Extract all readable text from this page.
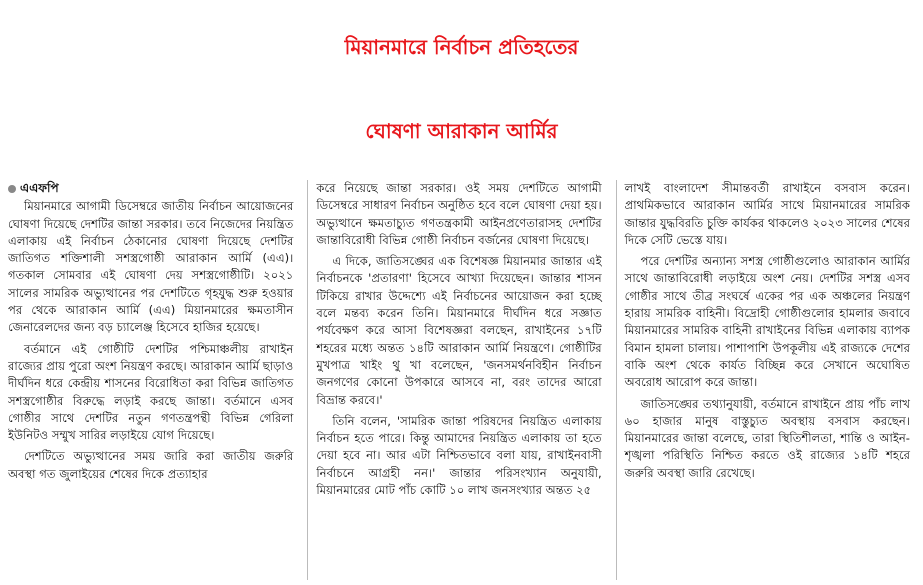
মিয়ানমারে নির্বাচন প্রতিহতের
ঘোষণা আরাকান আর্মির
এএফপি

মিয়ানমারে আগামী ডিসেম্বরে জাতীয় নির্বাচন আয়োজনের ঘোষণা দিয়েছে দেশটির জান্তা সরকার। তবে নিজেদের নিয়ন্ত্রিত এলাকায় এই নির্বাচন ঠেকানোর ঘোষণা দিয়েছে দেশটির জাতিগত শক্তিশালী সশস্ত্রগোষ্ঠী আরাকান আর্মি (এএ)। গতকাল সোমবার এই ঘোষণা দেয় সশস্ত্রগোষ্ঠীটি। ২০২১ সালের সামরিক অভ্যুত্থানের পর দেশটিতে গৃহযুদ্ধ শুরু হওয়ার পর থেকে আরাকান আর্মি (এএ) মিয়ানমারের ক্ষমতাসীন জেনারেলদের জন্য বড় চ্যালেঞ্জ হিসেবে হাজির হয়েছে।

বর্তমানে এই গোষ্ঠীটি দেশটির পশ্চিমাঞ্চলীয় রাখাইন রাজ্যের প্রায় পুরো অংশ নিয়ন্ত্রণ করছে। আরাকান আর্মি ছাড়াও দীর্ঘদিন ধরে কেন্দ্রীয় শাসনের বিরোধিতা করা বিভিন্ন জাতিগত সশস্ত্রগোষ্ঠীর বিরুদ্ধে লড়াই করছে জান্তা। বর্তমানে এসব গোষ্ঠীর সাথে দেশটির নতুন গণতন্ত্রপন্থী বিভিন্ন গেরিলা ইউনিটও সম্মুখ সারির লড়াইয়ে যোগ দিয়েছে।

দেশটিতে অভ্যুত্থানের সময় জারি করা জাতীয় জরুরি অবস্থা গত জুলাইয়ের শেষের দিকে প্রত্যাহার

করে নিয়েছে জান্তা সরকার। ওই সময় দেশটিতে আগামী ডিসেম্বরে সাধারণ নির্বাচন অনুষ্ঠিত হবে বলে ঘোষণা দেয়া হয়। অভ্যুত্থানে ক্ষমতাচ্যুত গণতন্ত্রকামী আইনপ্রণেতারাসহ দেশটির জান্তাবিরোধী বিভিন্ন গোষ্ঠী নির্বাচন বর্জনের ঘোষণা দিয়েছে।

এ দিকে, জাতিসঙ্ঘের এক বিশেষজ্ঞ মিয়ানমার জান্তার এই নির্বাচনকে 'প্রতারণা' হিসেবে আখ্যা দিয়েছেন। জান্তার শাসন টিকিয়ে রাখার উদ্দেশ্যে এই নির্বাচনের আয়োজন করা হচ্ছে বলে মন্তব্য করেন তিনি। মিয়ানমারে দীর্ঘদিন ধরে সজ্ঞাত পর্যবেক্ষণ করে আসা বিশেষজ্ঞরা বলছেন, রাখাইনের ১৭টি শহরের মধ্যে অন্তত ১৪টি আরাকান আর্মি নিয়ন্ত্রণে। গোষ্ঠীটির মুখপাত্র খাইং থু খা বলেছেন, 'জনসমর্থনবিহীন নির্বাচন জনগণের কোনো উপকারে আসবে না, বরং তাদের আরো বিভ্রান্ত করবে।'

তিনি বলেন, 'সামরিক জান্তা পরিষদের নিয়ন্ত্রিত এলাকায় নির্বাচন হতে পারে। কিন্তু আমাদের নিয়ন্ত্রিত এলাকায় তা হতে দেয়া হবে না। আর এটা নিশ্চিতভাবে বলা যায়, রাখাইনবাসী নির্বাচনে আগ্রহী নন।' জান্তার পরিসংখ্যান অনুযায়ী, মিয়ানমারের মোট পাঁচ কোটি ১০ লাখ জনসংখ্যার অন্তত ২৫

লাখই বাংলাদেশ সীমান্তবর্তী রাখাইনে বসবাস করেন। প্রাথমিকভাবে আরাকান আর্মির সাথে মিয়ানমারের সামরিক জান্তার যুদ্ধবিরতি চুক্তি কার্যকর থাকলেও ২০২৩ সালের শেষের দিকে সেটি ভেস্তে যায়।

পরে দেশটির অন্যান্য সশস্ত্র গোষ্ঠীগুলোও আরাকান আর্মির সাথে জান্তাবিরোধী লড়াইয়ে অংশ নেয়। দেশটির সশস্ত্র এসব গোষ্ঠীর সাথে তীব্র সংঘর্ষে একের পর এক অঞ্চলের নিয়ন্ত্রণ হারায় সামরিক বাহিনী। বিদ্রোহী গোষ্ঠীগুলোর হামলার জবাবে মিয়ানমারের সামরিক বাহিনী রাখাইনের বিভিন্ন এলাকায় ব্যাপক বিমান হামলা চালায়। পাশাপাশি উপকূলীয় এই রাজ্যকে দেশের বাকি অংশ থেকে কার্যত বিচ্ছিন্ন করে সেখানে অঘোষিত অবরোধ আরোপ করে জান্তা।

জাতিসঙ্ঘের তথ্যানুযায়ী, বর্তমানে রাখাইনে প্রায় পাঁচ লাখ ৬০ হাজার মানুষ বাস্তুচ্যুত অবস্থায় বসবাস করছেন। মিয়ানমারের জান্তা বলেছে, তারা স্থিতিশীলতা, শান্তি ও আইন-শৃঙ্খলা পরিস্থিতি নিশ্চিত করতে ওই রাজ্যের ১৪টি শহরে জরুরি অবস্থা জারি রেখেছে।
